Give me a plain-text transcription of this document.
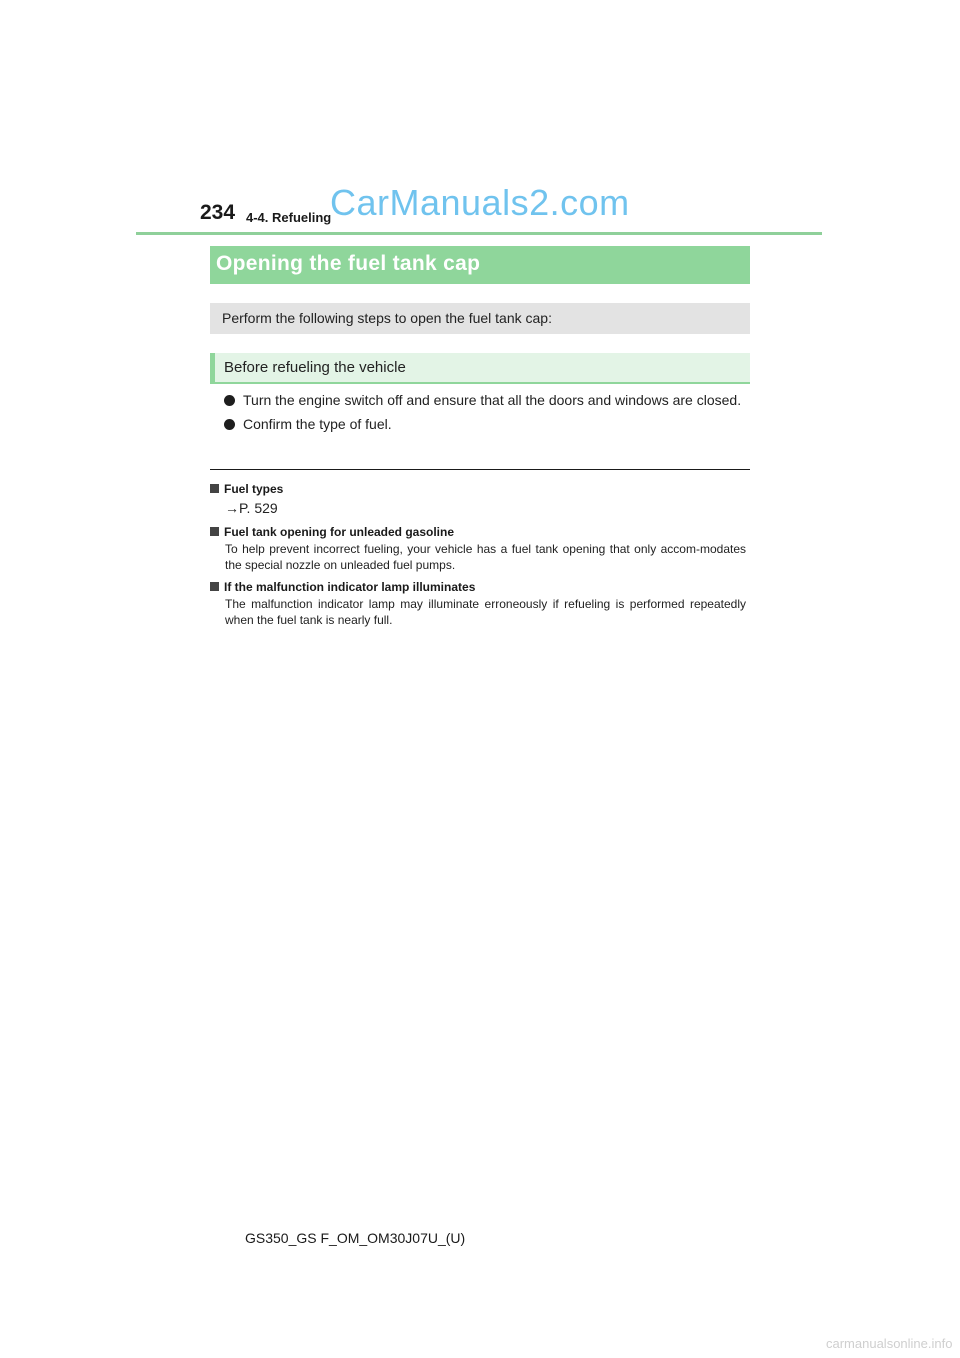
234 4-4. Refueling
CarManuals2.com
Opening the fuel tank cap
Perform the following steps to open the fuel tank cap:
Before refueling the vehicle
Turn the engine switch off and ensure that all the doors and windows are closed.
Confirm the type of fuel.
Fuel types
→P. 529
Fuel tank opening for unleaded gasoline
To help prevent incorrect fueling, your vehicle has a fuel tank opening that only accom-modates the special nozzle on unleaded fuel pumps.
If the malfunction indicator lamp illuminates
The malfunction indicator lamp may illuminate erroneously if refueling is performed repeatedly when the fuel tank is nearly full.
GS350_GS F_OM_OM30J07U_(U)
carmanualsonline.info
